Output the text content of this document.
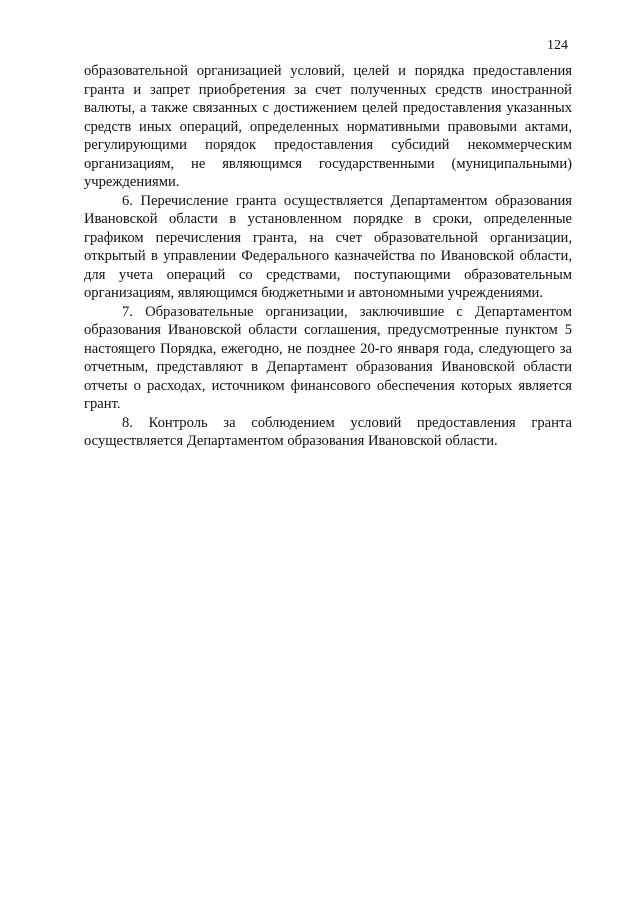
124

образовательной организацией условий, целей и порядка предоставления гранта и запрет приобретения за счет полученных средств иностранной валюты, а также связанных с достижением целей предоставления указанных средств иных операций, определенных нормативными правовыми актами, регулирующими порядок предоставления субсидий некоммерческим организациям, не являющимся государственными (муниципальными) учреждениями.

6. Перечисление гранта осуществляется Департаментом образования Ивановской области в установленном порядке в сроки, определенные графиком перечисления гранта, на счет образовательной организации, открытый в управлении Федерального казначейства по Ивановской области, для учета операций со средствами, поступающими образовательным организациям, являющимся бюджетными и автономными учреждениями.

7. Образовательные организации, заключившие с Департаментом образования Ивановской области соглашения, предусмотренные пунктом 5 настоящего Порядка, ежегодно, не позднее 20-го января года, следующего за отчетным, представляют в Департамент образования Ивановской области отчеты о расходах, источником финансового обеспечения которых является грант.

8. Контроль за соблюдением условий предоставления гранта осуществляется Департаментом образования Ивановской области.
